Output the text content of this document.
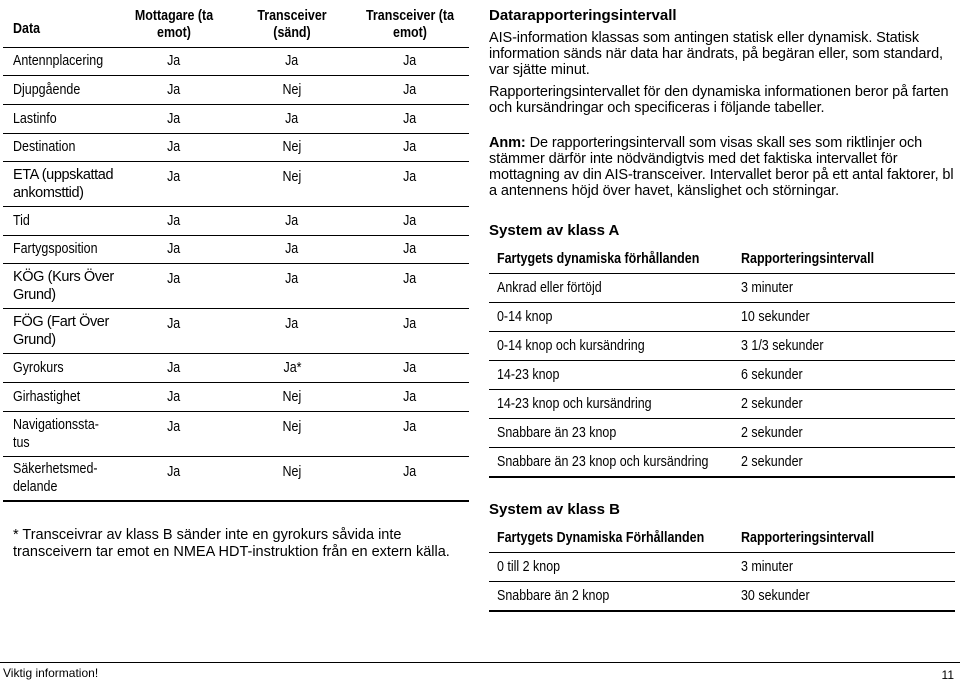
Data	Mottagare (ta emot)	Transceiver (sänd)	Transceiver (ta emot)

Antennplacering	Ja	Ja	Ja
Djupgående	Ja	Nej	Ja
Lastinfo	Ja	Ja	Ja
Destination	Ja	Nej	Ja

ETA (uppskattad ankomsttid)	Ja	Nej	Ja
Tid	Ja	Ja	Ja
Fartygsposition	Ja	Ja	Ja

KÖG (Kurs Över Grund)	Ja	Ja	Ja

FÖG (Fart Över Grund)	Ja	Ja	Ja
Gyrokurs	Ja	Ja*	Ja
Girhastighet	Ja	Nej	Ja

Navigationssta-
tus	Ja	Nej	Ja

Säkerhetsmed-
delande	Ja	Nej	Ja

* Transceivrar av klass B sänder inte en gyrokurs såvida inte transceivern tar emot en NMEA HDT-instruktion från en extern källa.

Datarapporteringsintervall

AIS-information klassas som antingen statisk eller dynamisk. Statisk information sänds när data har ändrats, på begäran eller, som standard, var sjätte minut.

Rapporteringsintervallet för den dynamiska informationen beror på farten och kursändringar och specificeras i följande tabeller.

Anm: De rapporteringsintervall som visas skall ses som riktlinjer och stämmer därför inte nödvändigtvis med det faktiska intervallet för mottagning av din AIS-transceiver. Intervallet beror på ett antal faktorer, bl a antennens höjd över havet, känslighet och störningar.

System av klass A
Fartygets dynamiska förhållanden	Rapporteringsintervall
Ankrad eller förtöjd	3 minuter
0-14 knop	10 sekunder
0-14 knop och kursändring	3 1/3 sekunder
14-23 knop	6 sekunder
14-23 knop och kursändring	2 sekunder
Snabbare än 23 knop	2 sekunder
Snabbare än 23 knop och kursändring	2 sekunder
System av klass B
Fartygets Dynamiska Förhållanden	Rapporteringsintervall
0 till 2 knop	3 minuter
Snabbare än 2 knop	30 sekunder
Viktig information!	11
